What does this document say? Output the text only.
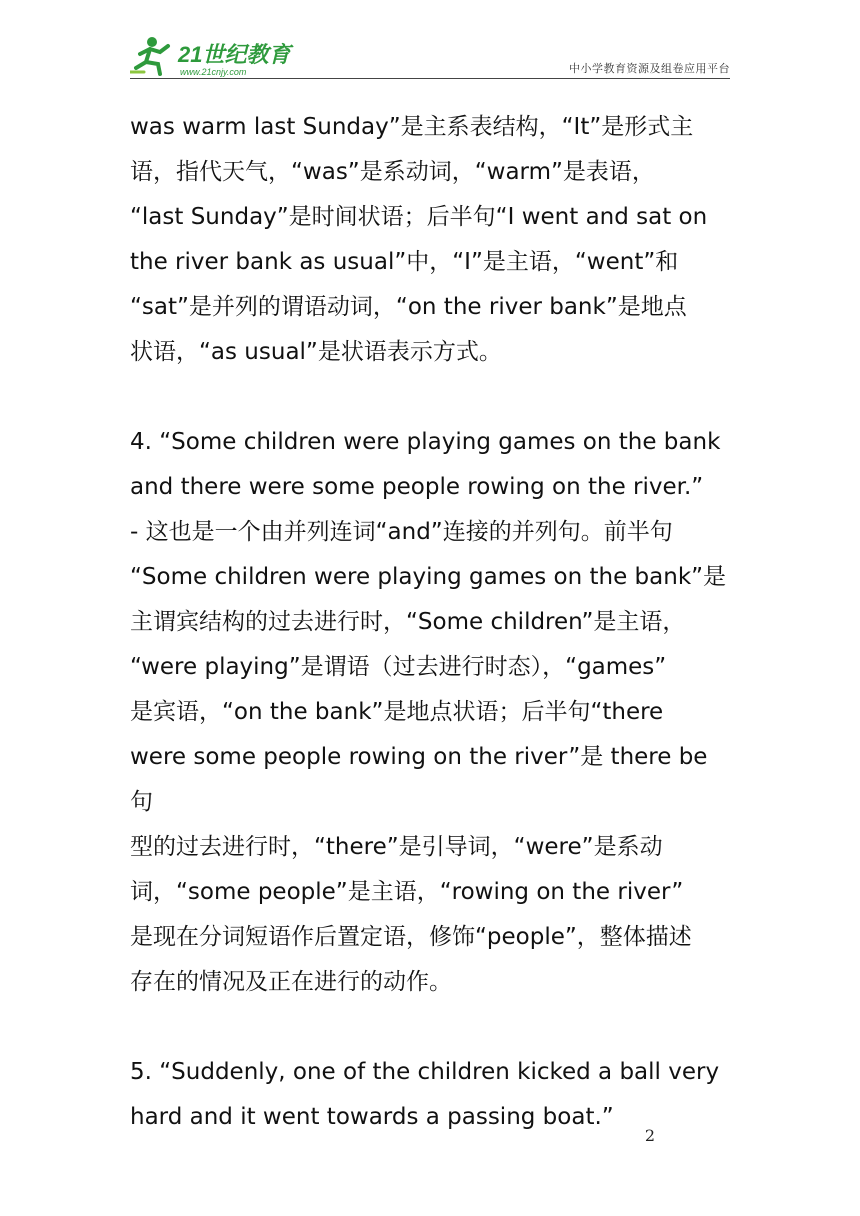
21世纪教育
www.21cnjy.com	中小学教育资源及组卷应用平台

was warm last Sunday”是主系表结构，“It”是形式主

语，指代天气，“was”是系动词，“warm”是表语，

“last Sunday”是时间状语；后半句“I went and sat on

the river bank as usual”中，“I”是主语，“went”和

“sat”是并列的谓语动词，“on the river bank”是地点

状语，“as usual”是状语表示方式。

4. “Some children were playing games on the bank

and there were some people rowing on the river.”

- 这也是一个由并列连词“and”连接的并列句。前半句

“Some children were playing games on the bank”是

主谓宾结构的过去进行时，“Some children”是主语，

“were playing”是谓语（过去进行时态），“games”

是宾语，“on the bank”是地点状语；后半句“there

were some people rowing on the river”是 there be 句

型的过去进行时，“there”是引导词，“were”是系动

词，“some people”是主语，“rowing on the river”

是现在分词短语作后置定语，修饰“people”，整体描述

存在的情况及正在进行的动作。

5. “Suddenly, one of the children kicked a ball very

hard and it went towards a passing boat.”

2
